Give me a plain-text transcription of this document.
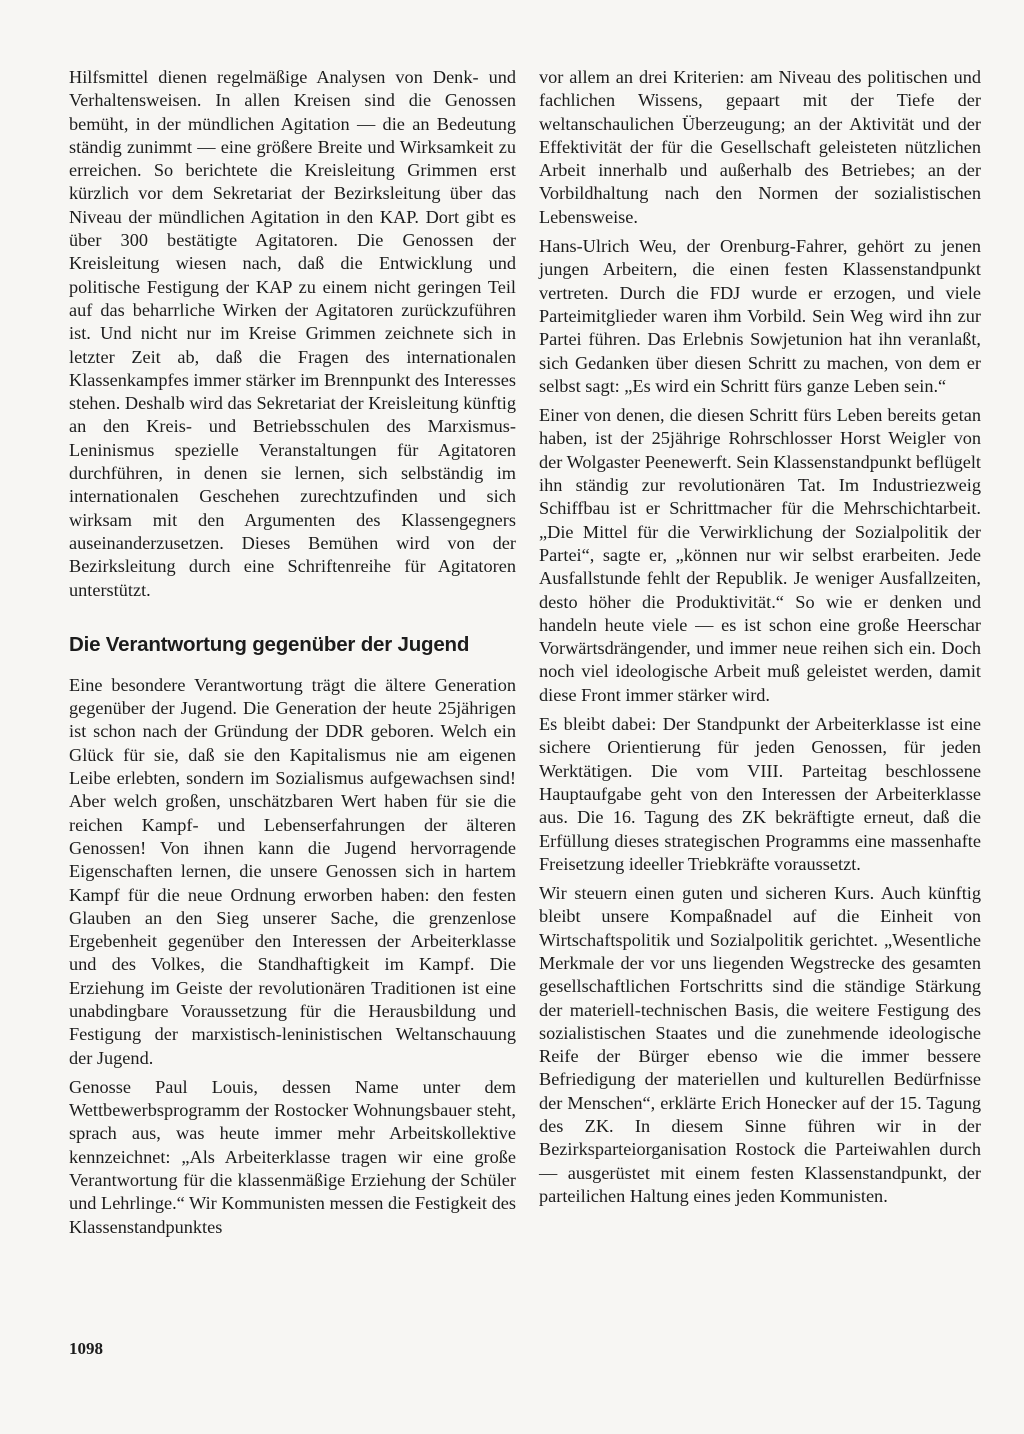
Hilfsmittel dienen regelmäßige Analysen von Denk- und Verhaltensweisen. In allen Kreisen sind die Genossen bemüht, in der mündlichen Agitation — die an Bedeutung ständig zunimmt — eine größere Breite und Wirksamkeit zu erreichen. So berichtete die Kreisleitung Grimmen erst kürzlich vor dem Sekretariat der Bezirksleitung über das Niveau der mündlichen Agitation in den KAP. Dort gibt es über 300 bestätigte Agitatoren. Die Genossen der Kreisleitung wiesen nach, daß die Entwicklung und politische Festigung der KAP zu einem nicht geringen Teil auf das beharrliche Wirken der Agitatoren zurückzuführen ist. Und nicht nur im Kreise Grimmen zeichnete sich in letzter Zeit ab, daß die Fragen des internationalen Klassenkampfes immer stärker im Brennpunkt des Interesses stehen. Deshalb wird das Sekretariat der Kreisleitung künftig an den Kreis- und Betriebsschulen des Marxismus-Leninismus spezielle Veranstaltungen für Agitatoren durchführen, in denen sie lernen, sich selbständig im internationalen Geschehen zurechtzufinden und sich wirksam mit den Argumenten des Klassengegners auseinanderzusetzen. Dieses Bemühen wird von der Bezirksleitung durch eine Schriftenreihe für Agitatoren unterstützt.

Die Verantwortung gegenüber der Jugend

Eine besondere Verantwortung trägt die ältere Generation gegenüber der Jugend. Die Generation der heute 25jährigen ist schon nach der Gründung der DDR geboren. Welch ein Glück für sie, daß sie den Kapitalismus nie am eigenen Leibe erlebten, sondern im Sozialismus aufgewachsen sind! Aber welch großen, unschätzbaren Wert haben für sie die reichen Kampf- und Lebenserfahrungen der älteren Genossen! Von ihnen kann die Jugend hervorragende Eigenschaften lernen, die unsere Genossen sich in hartem Kampf für die neue Ordnung erworben haben: den festen Glauben an den Sieg unserer Sache, die grenzenlose Ergebenheit gegenüber den Interessen der Arbeiterklasse und des Volkes, die Standhaftigkeit im Kampf. Die Erziehung im Geiste der revolutionären Traditionen ist eine unabdingbare Voraussetzung für die Herausbildung und Festigung der marxistisch-leninistischen Weltanschauung der Jugend.

Genosse Paul Louis, dessen Name unter dem Wettbewerbsprogramm der Rostocker Wohnungsbauer steht, sprach aus, was heute immer mehr Arbeitskollektive kennzeichnet: „Als Arbeiterklasse tragen wir eine große Verantwortung für die klassenmäßige Erziehung der Schüler und Lehrlinge.“ Wir Kommunisten messen die Festigkeit des Klassenstandpunktes

vor allem an drei Kriterien: am Niveau des politischen und fachlichen Wissens, gepaart mit der Tiefe der weltanschaulichen Überzeugung; an der Aktivität und der Effektivität der für die Gesellschaft geleisteten nützlichen Arbeit innerhalb und außerhalb des Betriebes; an der Vorbildhaltung nach den Normen der sozialistischen Lebensweise.

Hans-Ulrich Weu, der Orenburg-Fahrer, gehört zu jenen jungen Arbeitern, die einen festen Klassenstandpunkt vertreten. Durch die FDJ wurde er erzogen, und viele Parteimitglieder waren ihm Vorbild. Sein Weg wird ihn zur Partei führen. Das Erlebnis Sowjetunion hat ihn veranlaßt, sich Gedanken über diesen Schritt zu machen, von dem er selbst sagt: „Es wird ein Schritt fürs ganze Leben sein.“

Einer von denen, die diesen Schritt fürs Leben bereits getan haben, ist der 25jährige Rohrschlosser Horst Weigler von der Wolgaster Peenewerft. Sein Klassenstandpunkt beflügelt ihn ständig zur revolutionären Tat. Im Industriezweig Schiffbau ist er Schrittmacher für die Mehrschichtarbeit. „Die Mittel für die Verwirklichung der Sozialpolitik der Partei“, sagte er, „können nur wir selbst erarbeiten. Jede Ausfallstunde fehlt der Republik. Je weniger Ausfallzeiten, desto höher die Produktivität.“ So wie er denken und handeln heute viele — es ist schon eine große Heerschar Vorwärtsdrängender, und immer neue reihen sich ein. Doch noch viel ideologische Arbeit muß geleistet werden, damit diese Front immer stärker wird.

Es bleibt dabei: Der Standpunkt der Arbeiterklasse ist eine sichere Orientierung für jeden Genossen, für jeden Werktätigen. Die vom VIII. Parteitag beschlossene Hauptaufgabe geht von den Interessen der Arbeiterklasse aus. Die 16. Tagung des ZK bekräftigte erneut, daß die Erfüllung dieses strategischen Programms eine massenhafte Freisetzung ideeller Triebkräfte voraussetzt.

Wir steuern einen guten und sicheren Kurs. Auch künftig bleibt unsere Kompaßnadel auf die Einheit von Wirtschaftspolitik und Sozialpolitik gerichtet. „Wesentliche Merkmale der vor uns liegenden Wegstrecke des gesamten gesellschaftlichen Fortschritts sind die ständige Stärkung der materiell-technischen Basis, die weitere Festigung des sozialistischen Staates und die zunehmende ideologische Reife der Bürger ebenso wie die immer bessere Befriedigung der materiellen und kulturellen Bedürfnisse der Menschen“, erklärte Erich Honecker auf der 15. Tagung des ZK. In diesem Sinne führen wir in der Bezirksparteiorganisation Rostock die Parteiwahlen durch — ausgerüstet mit einem festen Klassenstandpunkt, der parteilichen Haltung eines jeden Kommunisten.

1098
